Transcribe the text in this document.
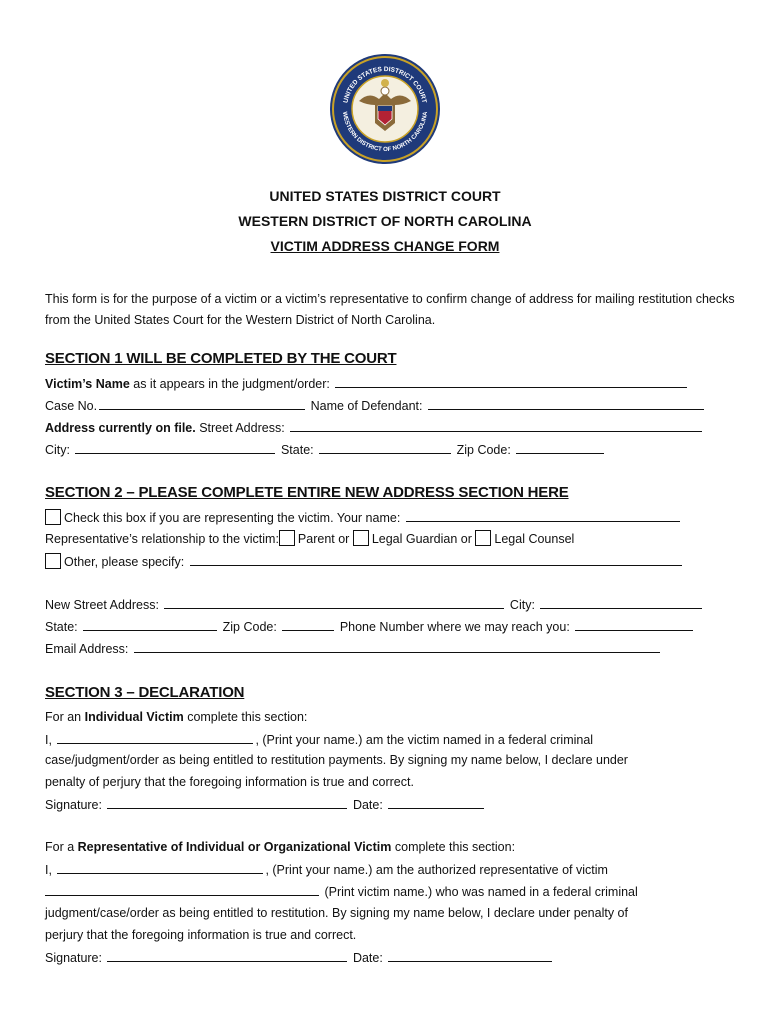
UNITED STATES DISTRICT COURT
WESTERN DISTRICT OF NORTH CAROLINA
UNITED STATES DISTRICT COURT
WESTERN DISTRICT OF NORTH CAROLINA
VICTIM ADDRESS CHANGE FORM
This form is for the purpose of a victim or a victim’s representative to confirm change of address for mailing restitution checks from the United States Court for the Western District of North Carolina.
SECTION 1 WILL BE COMPLETED BY THE COURT
Victim’s Name as it appears in the judgment/order:
Case No.	Name of Defendant:
Address currently on file. Street Address:
City:	State:	Zip Code:
SECTION 2 – PLEASE COMPLETE ENTIRE NEW ADDRESS SECTION HERE
Check this box if you are representing the victim. Your name:
Representative’s relationship to the victim: Parent or Legal Guardian or Legal Counsel
Other, please specify:
New Street Address:	City:
State:	Zip Code:	Phone Number where we may reach you:
Email Address:
SECTION 3 – DECLARATION
For an Individual Victim complete this section:
I,	, (Print your name.) am the victim named in a federal criminal
case/judgment/order as being entitled to restitution payments. By signing my name below, I declare under
penalty of perjury that the foregoing information is true and correct.
Signature:	Date:
For a Representative of Individual or Organizational Victim complete this section:
I,	, (Print your name.) am the authorized representative of victim
(Print victim name.) who was named in a federal criminal
judgment/case/order as being entitled to restitution. By signing my name below, I declare under penalty of
perjury that the foregoing information is true and correct.
Signature:	Date:
